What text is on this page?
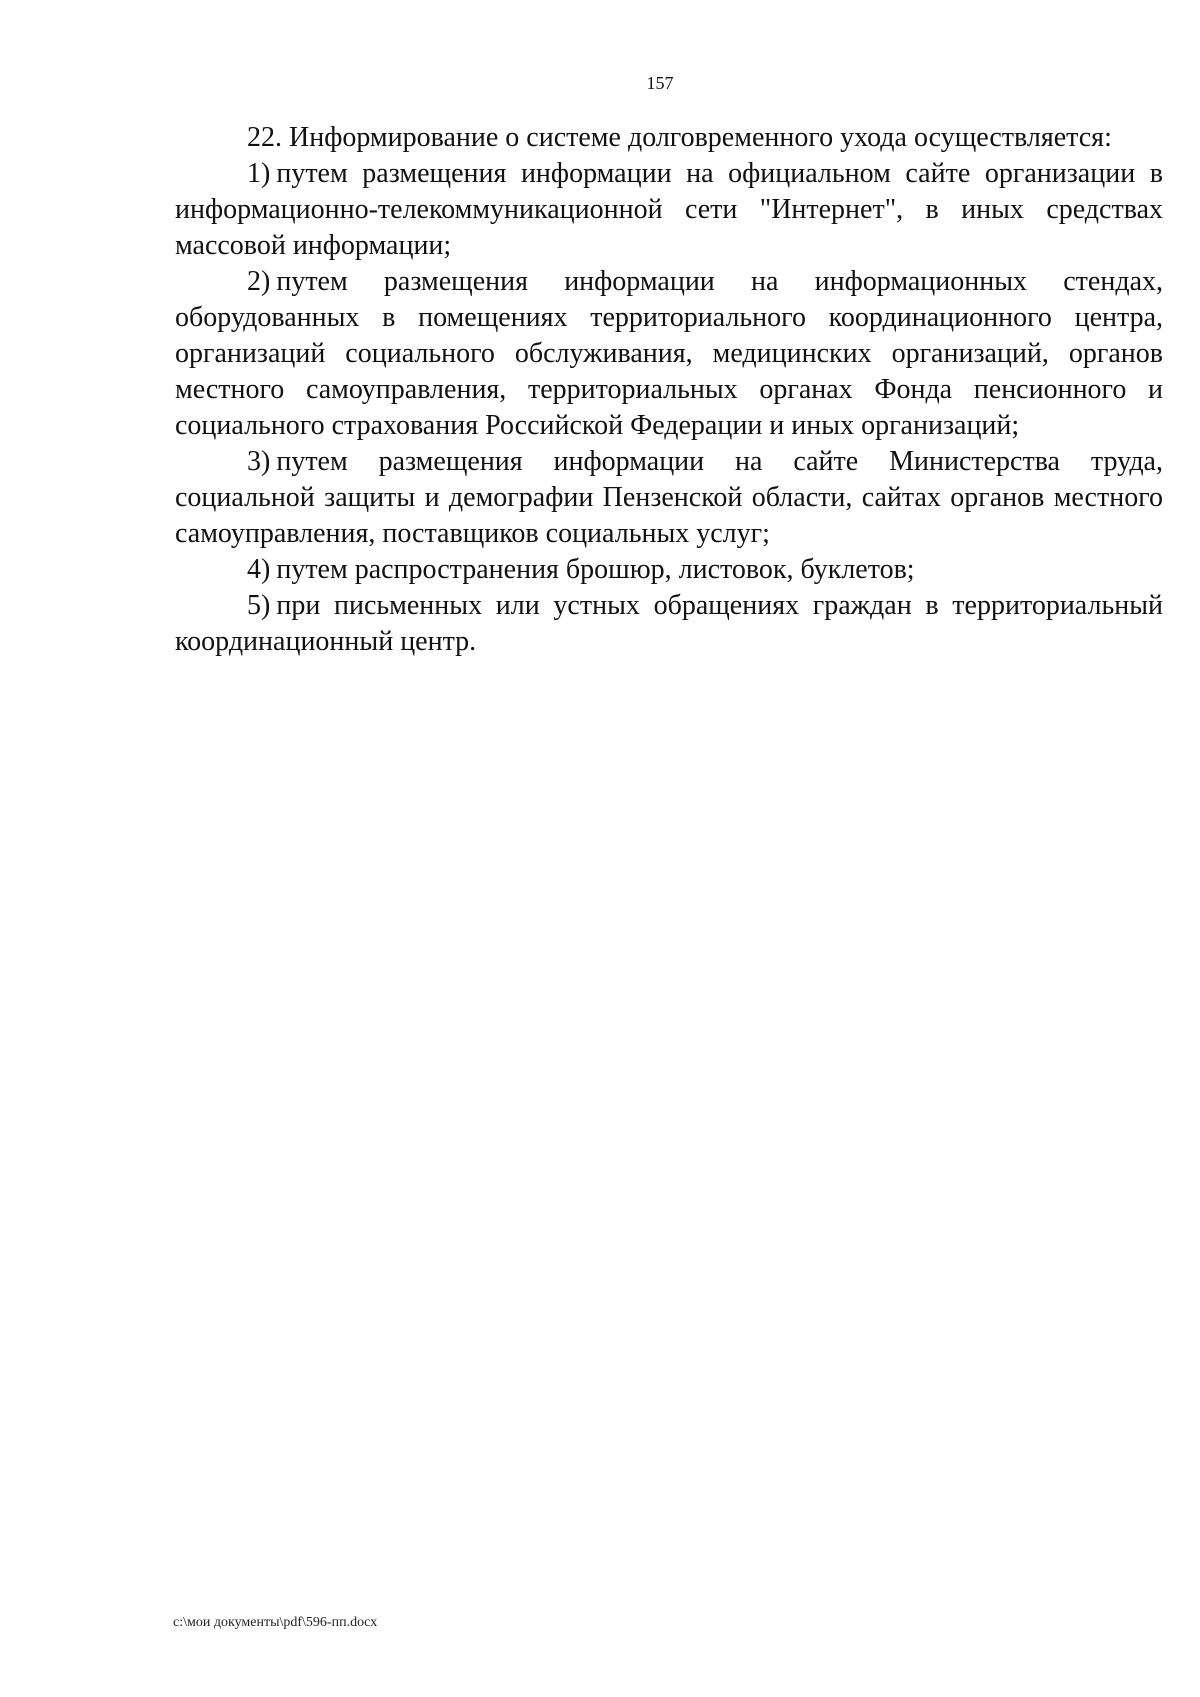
157

22. Информирование о системе долговременного ухода осуществляется:

1) путем размещения информации на официальном сайте организации в информационно-телекоммуникационной сети "Интернет", в иных средствах массовой информации;

2) путем размещения информации на информационных стендах, оборудованных в помещениях территориального координационного центра, организаций социального обслуживания, медицинских организаций, органов местного самоуправления, территориальных органах Фонда пенсионного и социального страхования Российской Федерации и иных организаций;

3) путем размещения информации на сайте Министерства труда, социальной защиты и демографии Пензенской области, сайтах органов местного самоуправления, поставщиков социальных услуг;

4) путем распространения брошюр, листовок, буклетов;

5) при письменных или устных обращениях граждан в территориальный координационный центр.

c:\мои документы\pdf\596-пп.docx
